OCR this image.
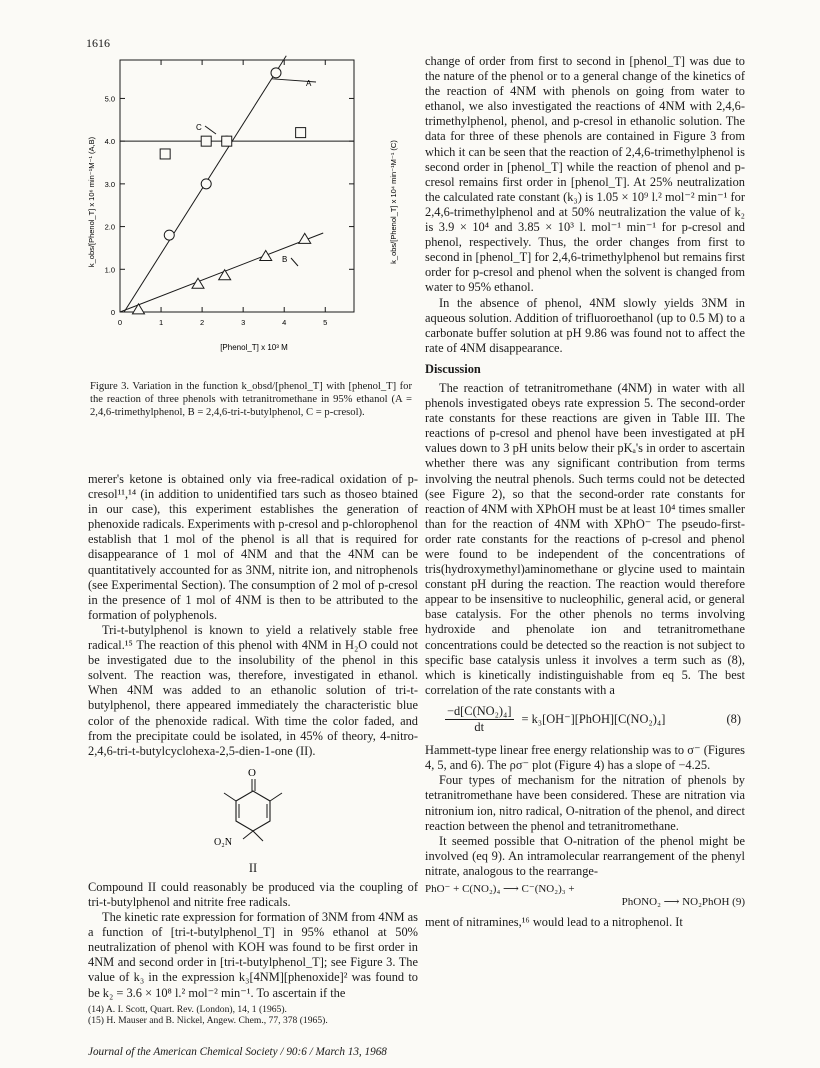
1616
0	1	2	3	4	5
0
1.0
2.0
3.0
4.0
5.0
k_obs/[Phenol_T] x 10⁶ min⁻¹M⁻¹ (A,B)	k_obs/[Phenol_T] x 10⁴ min⁻¹M⁻¹ (C)
[Phenol_T] x 10³ M
A
B
C
Figure 3. Variation in the function k_obsd/[phenol_T] with [phenol_T] for the reaction of three phenols with tetranitromethane in 95% ethanol (A = 2,4,6-trimethylphenol, B = 2,4,6-tri-t-butylphenol, C = p-cresol).

merer's ketone is obtained only via free-radical oxidation of p-cresol¹¹,¹⁴ (in addition to unidentified tars such as thoseo btained in our case), this experiment establishes the generation of phenoxide radicals. Experiments with p-cresol and p-chlorophenol establish that 1 mol of the phenol is all that is required for disappearance of 1 mol of 4NM and that the 4NM can be quantitatively accounted for as 3NM, nitrite ion, and nitrophenols (see Experimental Section). The consumption of 2 mol of p-cresol in the presence of 1 mol of 4NM is then to be attributed to the formation of polyphenols.

Tri-t-butylphenol is known to yield a relatively stable free radical.¹⁵ The reaction of this phenol with 4NM in H₂O could not be investigated due to the insolubility of the phenol in this solvent. The reaction was, therefore, investigated in ethanol. When 4NM was added to an ethanolic solution of tri-t-butylphenol, there appeared immediately the characteristic blue color of the phenoxide radical. With time the color faded, and from the precipitate could be isolated, in 45% of theory, 4-nitro-2,4,6-tri-t-butylcyclohexa-2,5-dien-1-one (II).

O
O₂N

II

Compound II could reasonably be produced via the coupling of tri-t-butylphenol and nitrite free radicals.

The kinetic rate expression for formation of 3NM from 4NM as a function of [tri-t-butylphenol_T] in 95% ethanol at 50% neutralization of phenol with KOH was found to be first order in 4NM and second order in [tri-t-butylphenol_T]; see Figure 3. The value of k₃ in the expression k₃[4NM][phenoxide]² was found to be k₂ = 3.6 × 10⁸ l.² mol⁻² min⁻¹. To ascertain if the

(14) A. I. Scott, Quart. Rev. (London), 14, 1 (1965).
(15) H. Mauser and B. Nickel, Angew. Chem., 77, 378 (1965).
Journal of the American Chemical Society / 90:6 / March 13, 1968

change of order from first to second in [phenol_T] was due to the nature of the phenol or to a general change of the kinetics of the reaction of 4NM with phenols on going from water to ethanol, we also investigated the reactions of 4NM with 2,4,6-trimethylphenol, phenol, and p-cresol in ethanolic solution. The data for three of these phenols are contained in Figure 3 from which it can be seen that the reaction of 2,4,6-trimethylphenol is second order in [phenol_T] while the reaction of phenol and p-cresol remains first order in [phenol_T]. At 25% neutralization the calculated rate constant (k₃) is 1.05 × 10⁹ l.² mol⁻² min⁻¹ for 2,4,6-trimethylphenol and at 50% neutralization the value of k₂ is 3.9 × 10⁴ and 3.85 × 10³ l. mol⁻¹ min⁻¹ for p-cresol and phenol, respectively. Thus, the order changes from first to second in [phenol_T] for 2,4,6-trimethylphenol but remains first order for p-cresol and phenol when the solvent is changed from water to 95% ethanol.

In the absence of phenol, 4NM slowly yields 3NM in aqueous solution. Addition of trifluoroethanol (up to 0.5 M) to a carbonate buffer solution at pH 9.86 was found not to affect the rate of 4NM disappearance.

Discussion

The reaction of tetranitromethane (4NM) in water with all phenols investigated obeys rate expression 5. The second-order rate constants for these reactions are given in Table III. The reactions of p-cresol and phenol have been investigated at pH values down to 3 pH units below their pKₐ's in order to ascertain whether there was any significant contribution from terms involving the neutral phenols. Such terms could not be detected (see Figure 2), so that the second-order rate constants for reaction of 4NM with XPhOH must be at least 10⁴ times smaller than for the reaction of 4NM with XPhO⁻ The pseudo-first-order rate constants for the reactions of p-cresol and phenol were found to be independent of the concentrations of tris(hydroxymethyl)aminomethane or glycine used to maintain constant pH during the reaction. The reaction would therefore appear to be insensitive to nucleophilic, general acid, or general base catalysis. For the other phenols no terms involving hydroxide and phenolate ion and tetranitromethane concentrations could be detected so the reaction is not subject to specific base catalysis unless it involves a term such as (8), which is kinetically indistinguishable from eq 5. The best correlation of the rate constants with a

$\frac{\text{−d[C(NO₂)₄]}}{dt}$ = k₃[OH⁻][PhOH][C(NO₂)₄]	(8)

Hammett-type linear free energy relationship was to σ⁻ (Figures 4, 5, and 6). The ρσ⁻ plot (Figure 4) has a slope of −4.25.

Four types of mechanism for the nitration of phenols by tetranitromethane have been considered. These are nitration via nitronium ion, nitro radical, O-nitration of the phenol, and direct reaction between the phenol and tetranitromethane.

It seemed possible that O-nitration of the phenol might be involved (eq 9). An intramolecular rearrangement of the phenyl nitrate, analogous to the rearrange-

PhO⁻ + C(NO₂)₄ ⟶ C⁻(NO₂)₃ +
PhONO₂ ⟶ NO₂PhOH (9)

ment of nitramines,¹⁶ would lead to a nitrophenol. It
